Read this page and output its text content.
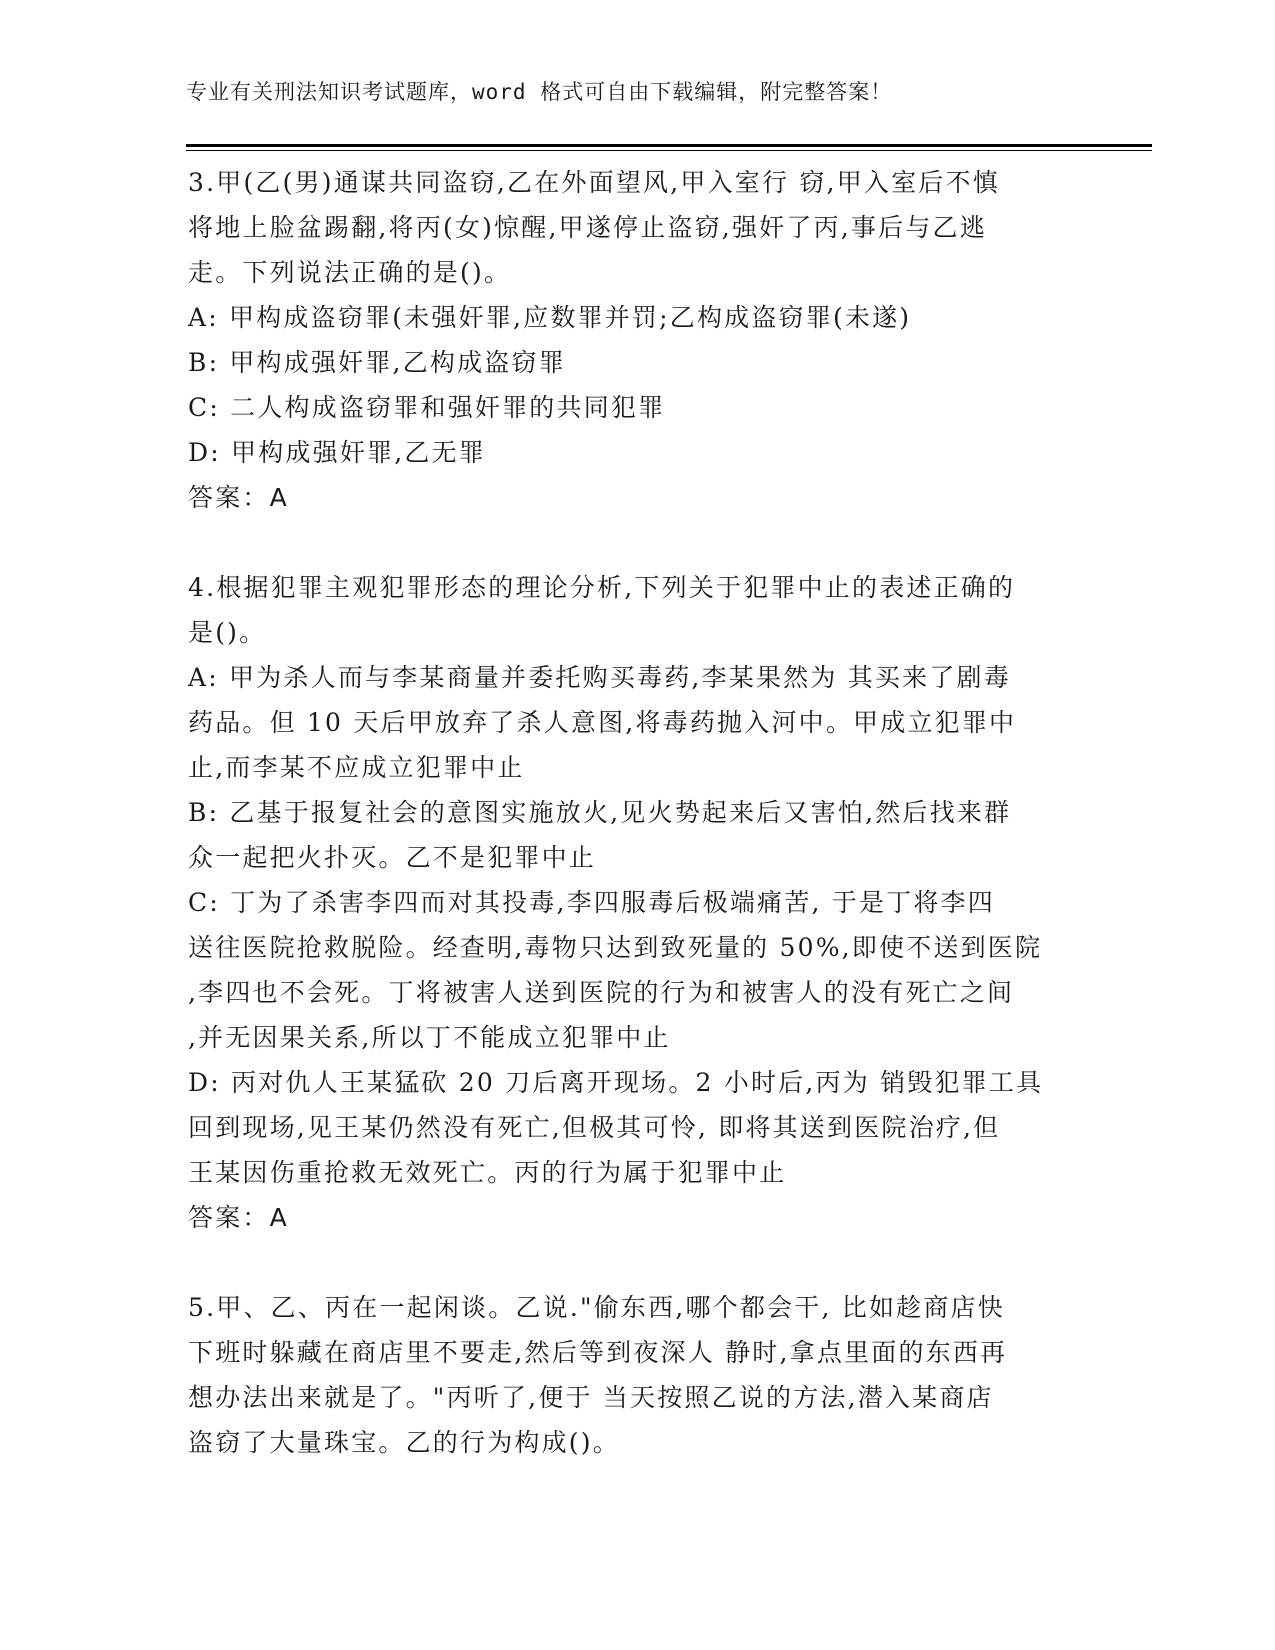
专业有关刑法知识考试题库，word 格式可自由下载编辑，附完整答案！
3.甲(乙(男)通谋共同盗窃,乙在外面望风,甲入室行 窃,甲入室后不慎
将地上脸盆踢翻,将丙(女)惊醒,甲遂停止盗窃,强奸了丙,事后与乙逃
走。下列说法正确的是()。
A: 甲构成盗窃罪(未强奸罪,应数罪并罚;乙构成盗窃罪(未遂)
B: 甲构成强奸罪,乙构成盗窃罪
C: 二人构成盗窃罪和强奸罪的共同犯罪
D: 甲构成强奸罪,乙无罪
答案：A
4.根据犯罪主观犯罪形态的理论分析,下列关于犯罪中止的表述正确的
是()。
A: 甲为杀人而与李某商量并委托购买毒药,李某果然为 其买来了剧毒
药品。但 10 天后甲放弃了杀人意图,将毒药抛入河中。甲成立犯罪中
止,而李某不应成立犯罪中止
B: 乙基于报复社会的意图实施放火,见火势起来后又害怕,然后找来群
众一起把火扑灭。乙不是犯罪中止
C: 丁为了杀害李四而对其投毒,李四服毒后极端痛苦, 于是丁将李四
送往医院抢救脱险。经查明,毒物只达到致死量的 50%,即使不送到医院
,李四也不会死。丁将被害人送到医院的行为和被害人的没有死亡之间
,并无因果关系,所以丁不能成立犯罪中止
D: 丙对仇人王某猛砍 20 刀后离开现场。2 小时后,丙为 销毁犯罪工具
回到现场,见王某仍然没有死亡,但极其可怜, 即将其送到医院治疗,但
王某因伤重抢救无效死亡。丙的行为属于犯罪中止
答案：A
5.甲、乙、丙在一起闲谈。乙说."偷东西,哪个都会干, 比如趁商店快
下班时躲藏在商店里不要走,然后等到夜深人 静时,拿点里面的东西再
想办法出来就是了。"丙听了,便于 当天按照乙说的方法,潜入某商店
盗窃了大量珠宝。乙的行为构成()。
